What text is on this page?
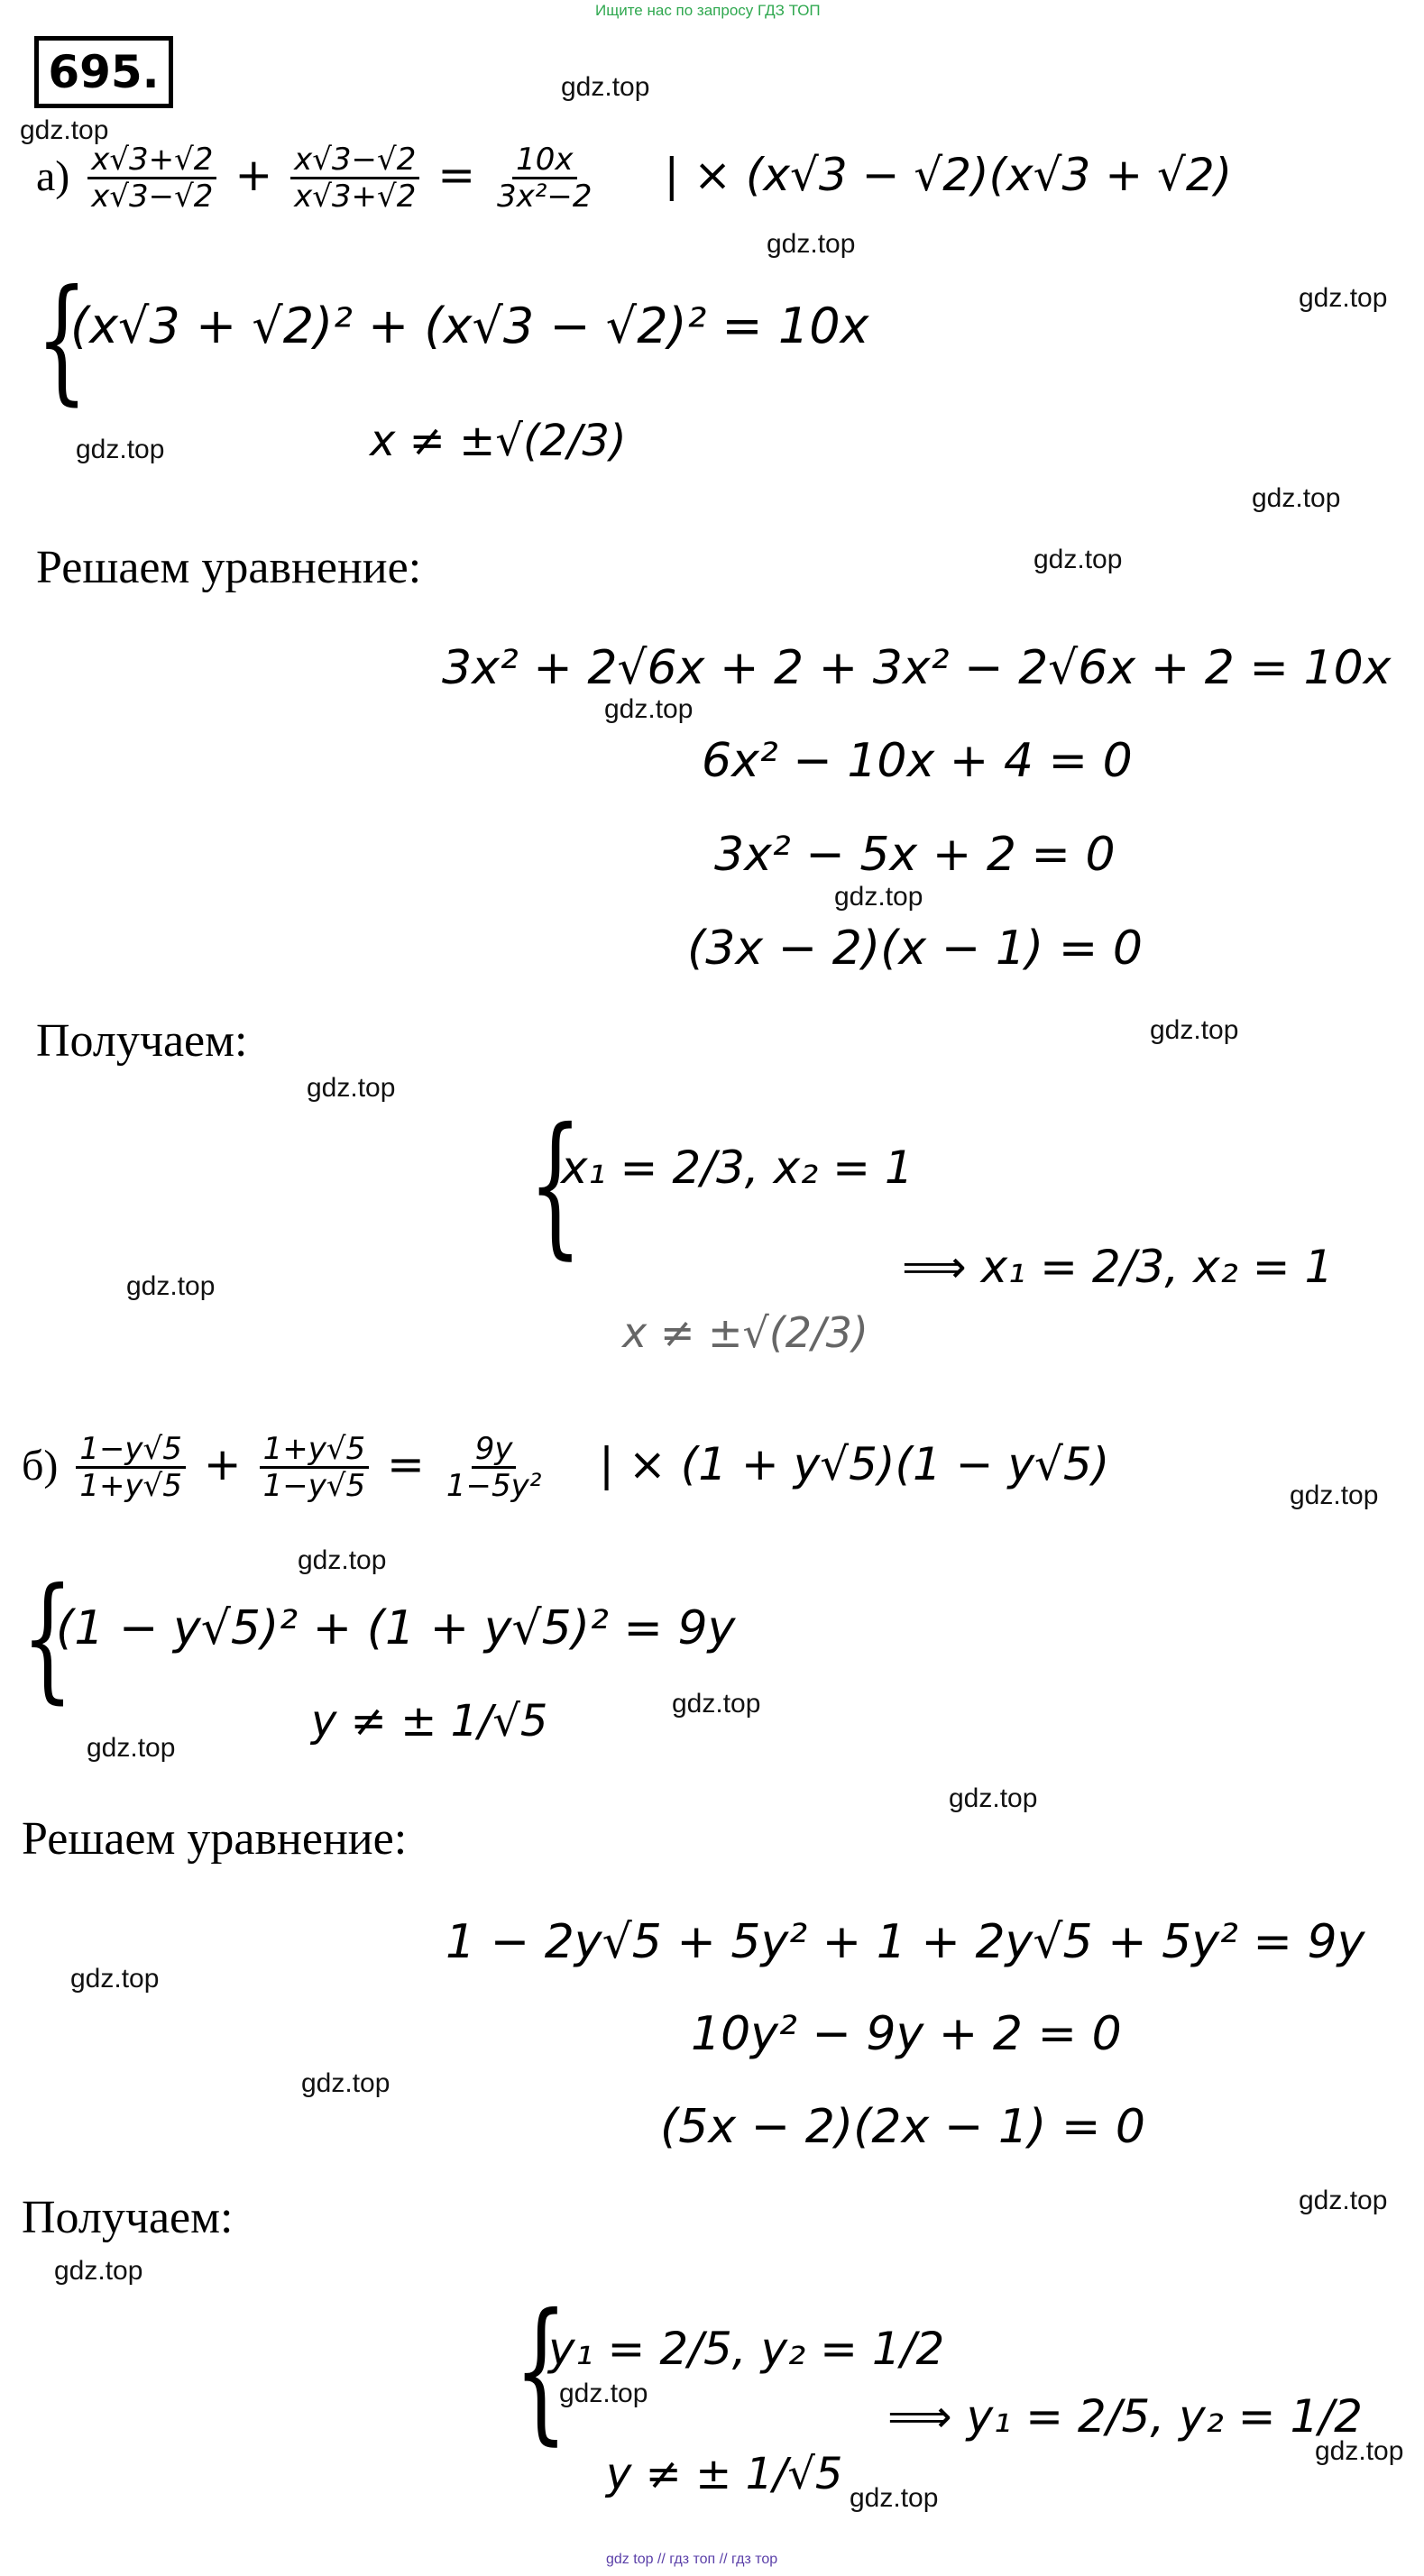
Ищите нас по запросу ГДЗ ТОП
695.
$а) \frac{x√3+√2}{x√3-√2} + \frac{x√3-√2}{x√3+√2} = \frac{10x}{\text{3x²−2}}$ | × (x√3 − √2)(x√3 + √2)
{
(x√3 + √2)² + (x√3 − √2)² = 10x
x ≠ ±√(2/3)
Решаем уравнение:
3x² + 2√6x + 2 + 3x² − 2√6x + 2 = 10x
6x² − 10x + 4 = 0
3x² − 5x + 2 = 0
(3x − 2)(x − 1) = 0
Получаем:
{
x₁ = 2/3, x₂ = 1
x ≠ ±√(2/3)
⟹ x₁ = 2/3, x₂ = 1
$б) \frac{1-y√5}{1+y√5} + \frac{1+y√5}{1-y√5} = \frac{9y}{\text{1−5y²}}$ | × (1 + y√5)(1 − y√5)
{
(1 − y√5)² + (1 + y√5)² = 9y
y ≠ ± 1/√5
Решаем уравнение:
1 − 2y√5 + 5y² + 1 + 2y√5 + 5y² = 9y
10y² − 9y + 2 = 0
(5x − 2)(2x − 1) = 0
Получаем:
{
y₁ = 2/5, y₂ = 1/2
y ≠ ± 1/√5
⟹ y₁ = 2/5, y₂ = 1/2
gdz.top
gdz.top
gdz.top
gdz.top
gdz.top
gdz.top
gdz.top
gdz.top
gdz.top
gdz.top
gdz.top
gdz.top
gdz.top
gdz.top
gdz.top
gdz.top
gdz.top
gdz.top
gdz.top
gdz.top
gdz.top
gdz.top
gdz.top
gdz.top
gdz top // гдз топ // гдз тор
